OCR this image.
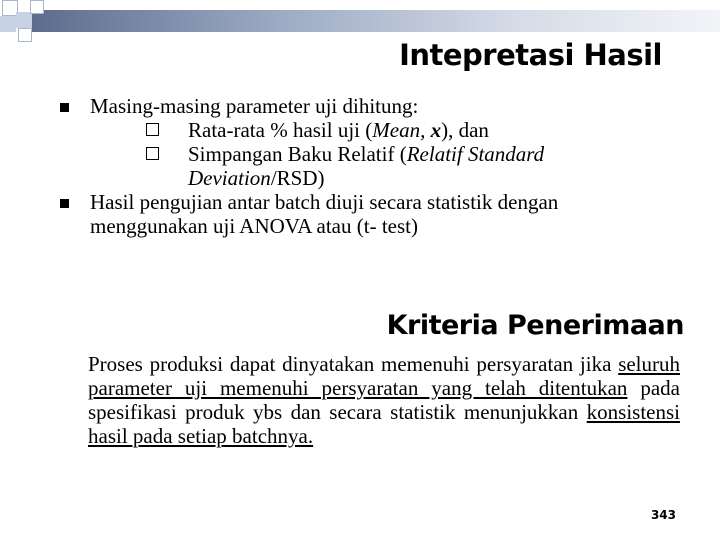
Intepretasi Hasil
Masing-masing parameter uji dihitung:
Rata-rata % hasil uji (Mean, x), dan
Simpangan Baku Relatif (Relatif Standard
Deviation/RSD)
Hasil pengujian antar batch diuji secara statistik dengan menggunakan uji ANOVA atau (t- test)
Kriteria Penerimaan
Proses produksi dapat dinyatakan memenuhi persyaratan jika seluruh parameter uji memenuhi persyaratan yang telah ditentukan pada spesifikasi produk ybs dan secara statistik menunjukkan konsistensi hasil pada setiap batchnya.
343
